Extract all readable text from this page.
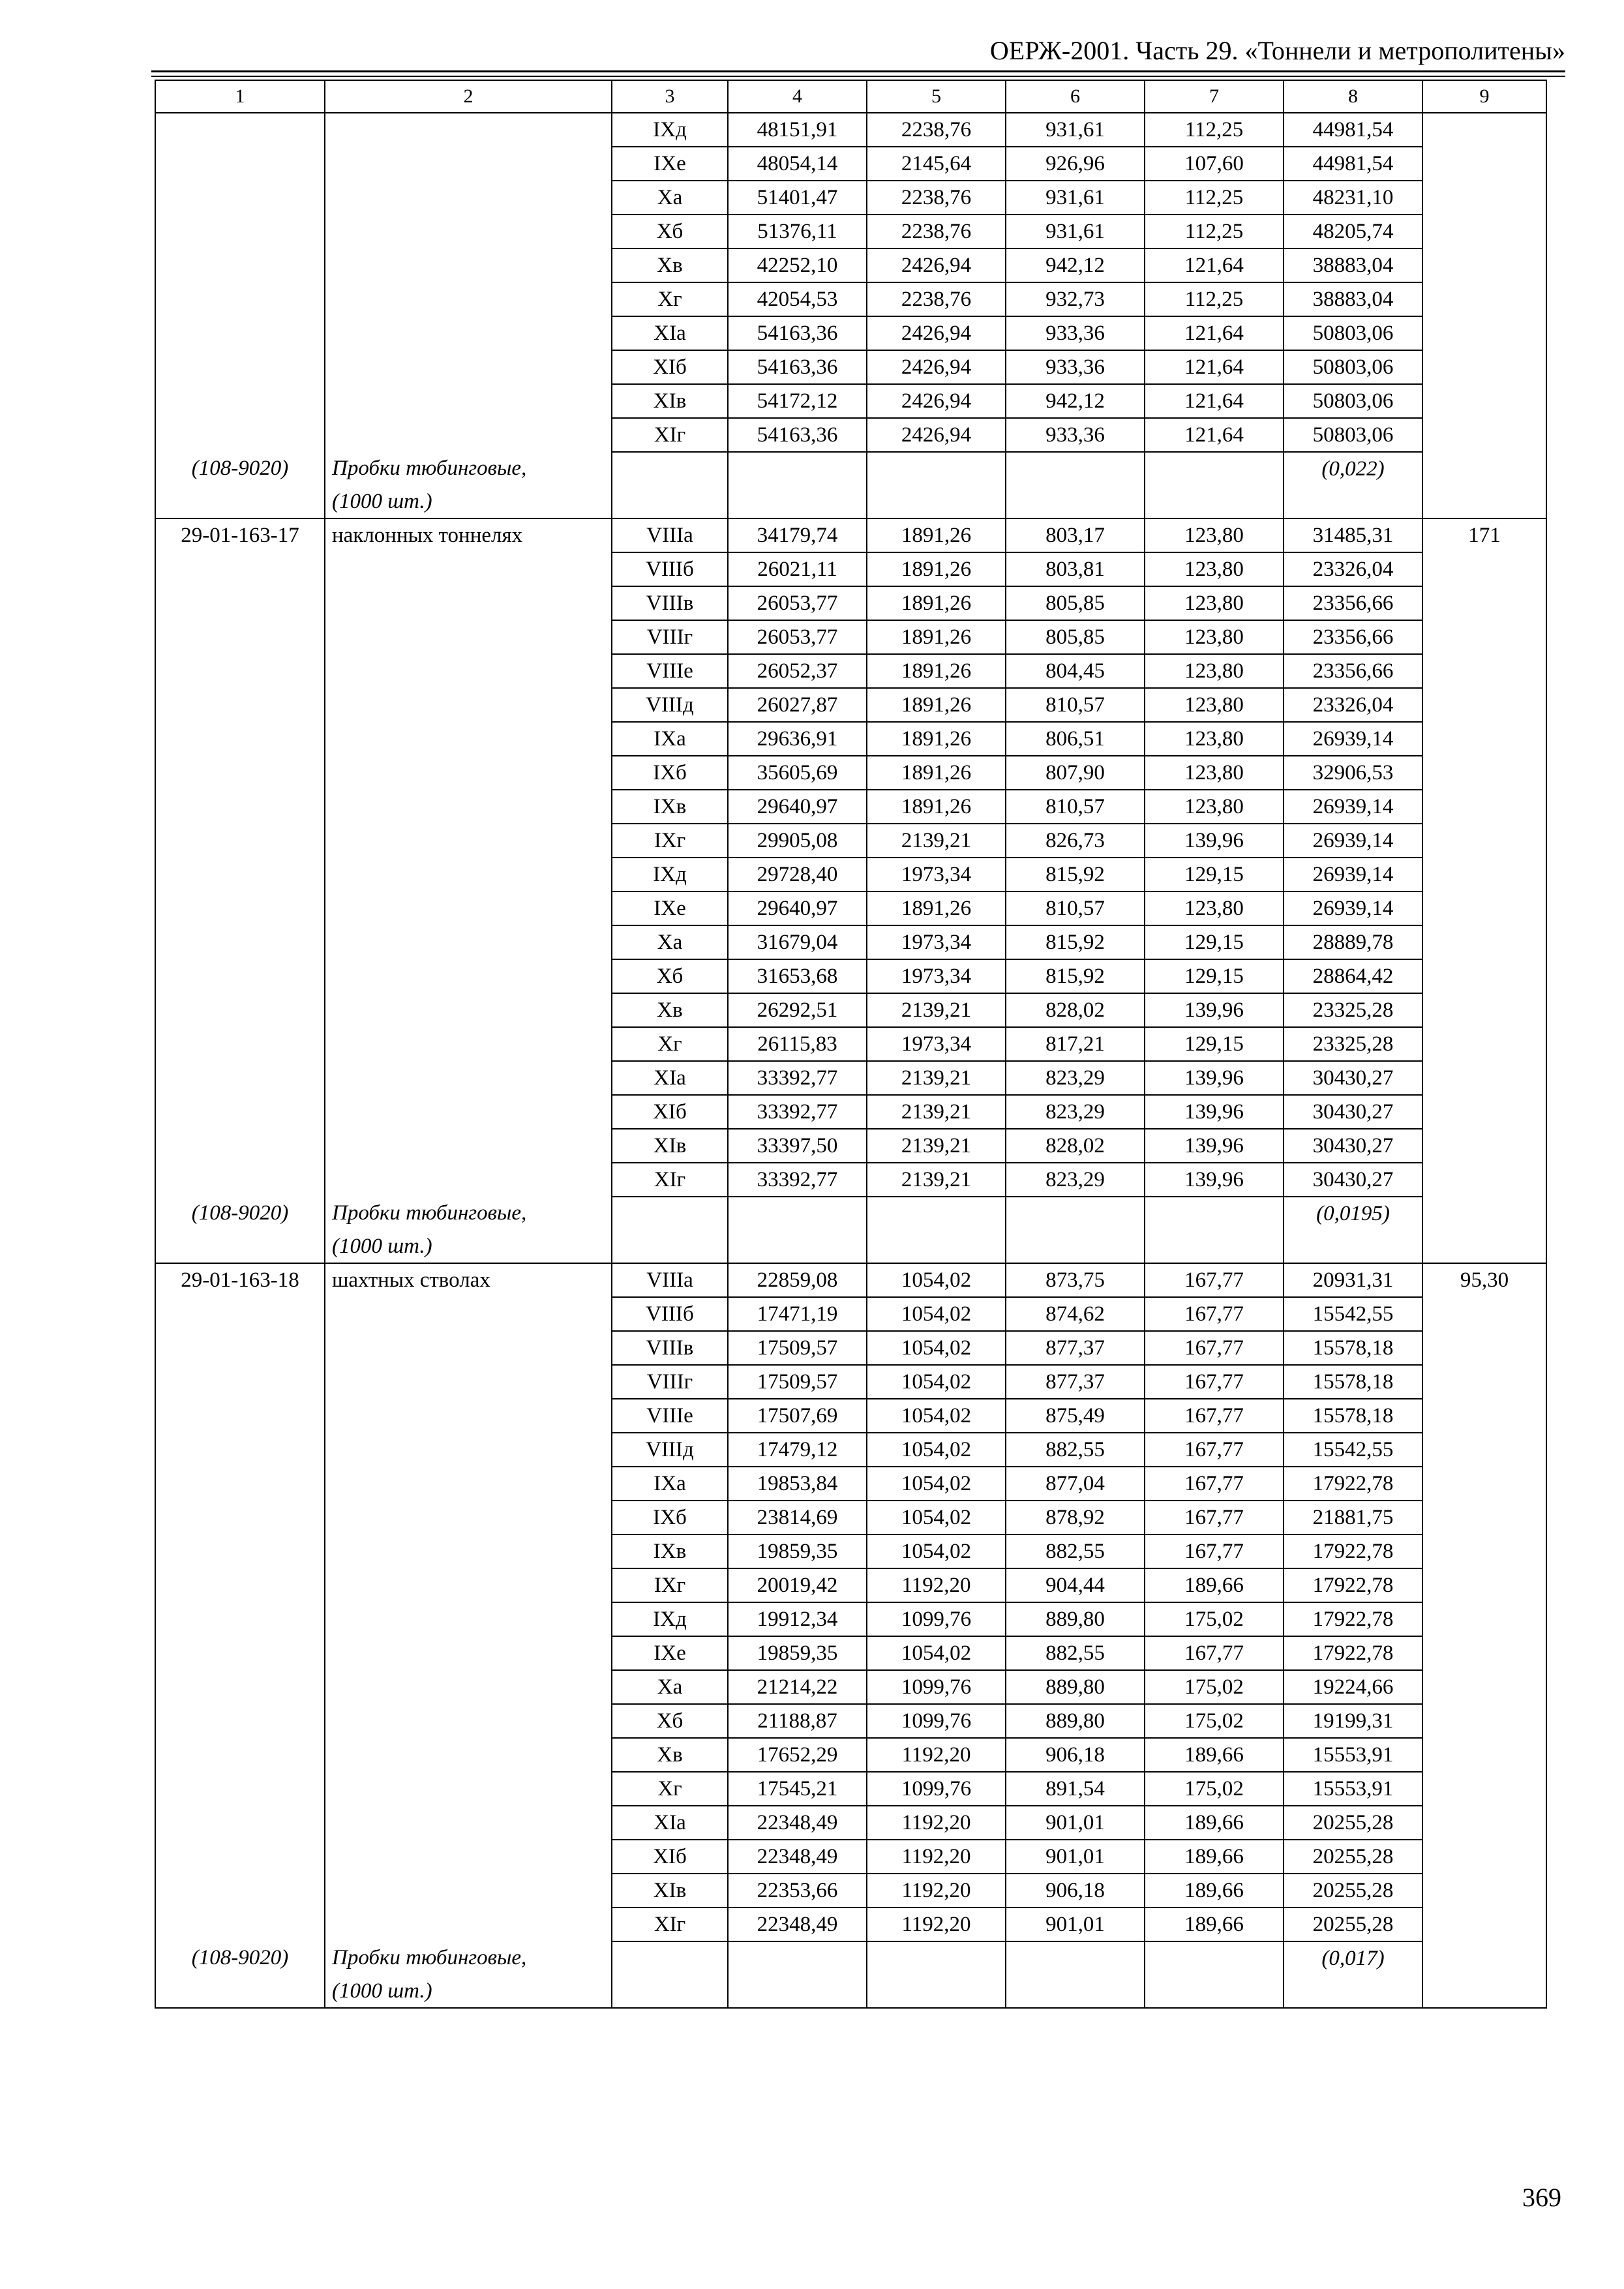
ОЕРЖ-2001. Часть 29. «Тоннели и метрополитены»
1	2	3	4	5	6	7	8	9
		IXд	48151,91	2238,76	931,61	112,25	44981,54	
		IXе	48054,14	2145,64	926,96	107,60	44981,54	
		Xа	51401,47	2238,76	931,61	112,25	48231,10	
		Xб	51376,11	2238,76	931,61	112,25	48205,74	
		Xв	42252,10	2426,94	942,12	121,64	38883,04	
		Xг	42054,53	2238,76	932,73	112,25	38883,04	
		XIа	54163,36	2426,94	933,36	121,64	50803,06	
		XIб	54163,36	2426,94	933,36	121,64	50803,06	
		XIв	54172,12	2426,94	942,12	121,64	50803,06	
		XIг	54163,36	2426,94	933,36	121,64	50803,06	
(108-9020)	Пробки тюбинговые,						(0,022)	
	(1000 шт.)							
29-01-163-17	наклонных тоннелях	VIIIа	34179,74	1891,26	803,17	123,80	31485,31	171
		VIIIб	26021,11	1891,26	803,81	123,80	23326,04	
		VIIIв	26053,77	1891,26	805,85	123,80	23356,66	
		VIIIг	26053,77	1891,26	805,85	123,80	23356,66	
		VIIIе	26052,37	1891,26	804,45	123,80	23356,66	
		VIIIд	26027,87	1891,26	810,57	123,80	23326,04	
		IXа	29636,91	1891,26	806,51	123,80	26939,14	
		IXб	35605,69	1891,26	807,90	123,80	32906,53	
		IXв	29640,97	1891,26	810,57	123,80	26939,14	
		IXг	29905,08	2139,21	826,73	139,96	26939,14	
		IXд	29728,40	1973,34	815,92	129,15	26939,14	
		IXе	29640,97	1891,26	810,57	123,80	26939,14	
		Xа	31679,04	1973,34	815,92	129,15	28889,78	
		Xб	31653,68	1973,34	815,92	129,15	28864,42	
		Xв	26292,51	2139,21	828,02	139,96	23325,28	
		Xг	26115,83	1973,34	817,21	129,15	23325,28	
		XIа	33392,77	2139,21	823,29	139,96	30430,27	
		XIб	33392,77	2139,21	823,29	139,96	30430,27	
		XIв	33397,50	2139,21	828,02	139,96	30430,27	
		XIг	33392,77	2139,21	823,29	139,96	30430,27	
(108-9020)	Пробки тюбинговые,						(0,0195)	
	(1000 шт.)							
29-01-163-18	шахтных стволах	VIIIа	22859,08	1054,02	873,75	167,77	20931,31	95,30
		VIIIб	17471,19	1054,02	874,62	167,77	15542,55	
		VIIIв	17509,57	1054,02	877,37	167,77	15578,18	
		VIIIг	17509,57	1054,02	877,37	167,77	15578,18	
		VIIIе	17507,69	1054,02	875,49	167,77	15578,18	
		VIIIд	17479,12	1054,02	882,55	167,77	15542,55	
		IXа	19853,84	1054,02	877,04	167,77	17922,78	
		IXб	23814,69	1054,02	878,92	167,77	21881,75	
		IXв	19859,35	1054,02	882,55	167,77	17922,78	
		IXг	20019,42	1192,20	904,44	189,66	17922,78	
		IXд	19912,34	1099,76	889,80	175,02	17922,78	
		IXе	19859,35	1054,02	882,55	167,77	17922,78	
		Xа	21214,22	1099,76	889,80	175,02	19224,66	
		Xб	21188,87	1099,76	889,80	175,02	19199,31	
		Xв	17652,29	1192,20	906,18	189,66	15553,91	
		Xг	17545,21	1099,76	891,54	175,02	15553,91	
		XIа	22348,49	1192,20	901,01	189,66	20255,28	
		XIб	22348,49	1192,20	901,01	189,66	20255,28	
		XIв	22353,66	1192,20	906,18	189,66	20255,28	
		XIг	22348,49	1192,20	901,01	189,66	20255,28	
(108-9020)	Пробки тюбинговые,						(0,017)	
	(1000 шт.)							
369
